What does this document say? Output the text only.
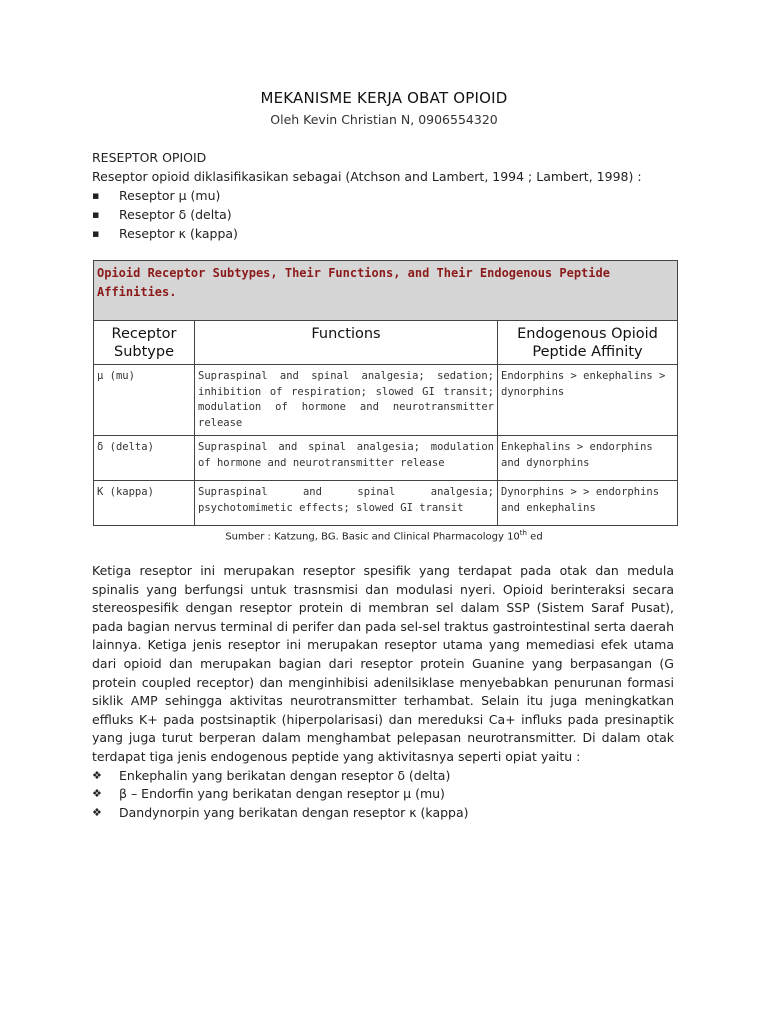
MEKANISME KERJA OBAT OPIOID
Oleh Kevin Christian N, 0906554320

RESEPTOR OPIOID

Reseptor opioid diklasifikasikan sebagai (Atchson and Lambert, 1994 ; Lambert, 1998) :

▪	Reseptor μ (mu)
▪	Reseptor δ (delta)
▪	Reseptor κ (kappa)
Opioid Receptor Subtypes, Their Functions, and Their Endogenous Peptide Affinities.		
Receptor Subtype	Functions	Endogenous Opioid Peptide Affinity
μ (mu)	Supraspinal and spinal analgesia; sedation; inhibition of respiration; slowed GI transit; modulation of hormone and neurotransmitter release	Endorphins > enkephalins > dynorphins
δ (delta)	Supraspinal and spinal analgesia; modulation of hormone and neurotransmitter release	Enkephalins > endorphins and dynorphins
Κ (kappa)	Supraspinal and spinal analgesia; psychotomimetic effects; slowed GI transit	Dynorphins > > endorphins and enkephalins
Sumber : Katzung, BG. Basic and Clinical Pharmacology 10th ed

Ketiga reseptor ini merupakan reseptor spesifik yang terdapat pada otak dan medula spinalis yang berfungsi untuk trasnsmisi dan modulasi nyeri. Opioid berinteraksi secara stereospesifik dengan reseptor protein di membran sel dalam SSP (Sistem Saraf Pusat), pada bagian nervus terminal di perifer dan pada sel-sel traktus gastrointestinal serta daerah lainnya. Ketiga jenis reseptor ini merupakan reseptor utama yang memediasi efek utama dari opioid dan merupakan bagian dari reseptor protein Guanine yang berpasangan (G protein coupled receptor) dan menginhibisi adenilsiklase menyebabkan penurunan formasi siklik AMP sehingga aktivitas neurotransmitter terhambat. Selain itu juga meningkatkan effluks K+ pada postsinaptik (hiperpolarisasi) dan mereduksi Ca+ influks pada presinaptik yang juga turut berperan dalam menghambat pelepasan neurotransmitter. Di dalam otak terdapat tiga jenis endogenous peptide yang aktivitasnya seperti opiat yaitu :

❖	Enkephalin yang berikatan dengan reseptor δ (delta)
❖	β – Endorfin yang berikatan dengan reseptor μ (mu)
❖	Dandynorpin yang berikatan dengan reseptor κ (kappa)
